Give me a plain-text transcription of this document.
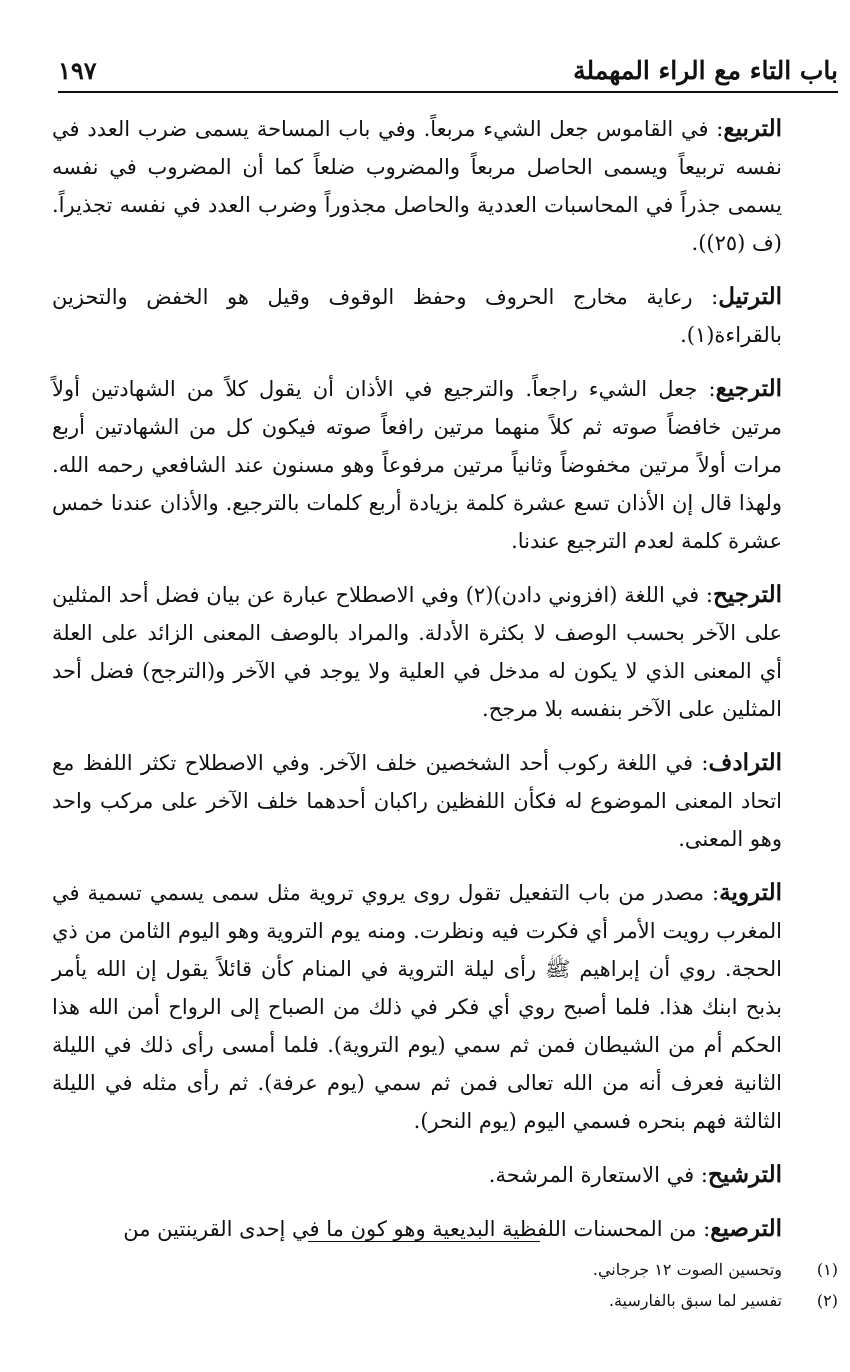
باب التاء مع الراء المهملة
١٩٧

التربيع: في القاموس جعل الشيء مربعاً. وفي باب المساحة يسمى ضرب العدد في نفسه تربيعاً ويسمى الحاصل مربعاً والمضروب ضلعاً كما أن المضروب في نفسه يسمى جذراً في المحاسبات العددية والحاصل مجذوراً وضرب العدد في نفسه تجذيراً. (ف (٢٥)).

الترتيل: رعاية مخارج الحروف وحفظ الوقوف وقيل هو الخفض والتحزين بالقراءة(١).

الترجيع: جعل الشيء راجعاً. والترجيع في الأذان أن يقول كلاً من الشهادتين أولاً مرتين خافضاً صوته ثم كلاً منهما مرتين رافعاً صوته فيكون كل من الشهادتين أربع مرات أولاً مرتين مخفوضاً وثانياً مرتين مرفوعاً وهو مسنون عند الشافعي رحمه الله. ولهذا قال إن الأذان تسع عشرة كلمة بزيادة أربع كلمات بالترجيع. والأذان عندنا خمس عشرة كلمة لعدم الترجيع عندنا.

الترجيح: في اللغة (افزوني دادن)(٢) وفي الاصطلاح عبارة عن بيان فضل أحد المثلين على الآخر بحسب الوصف لا بكثرة الأدلة. والمراد بالوصف المعنى الزائد على العلة أي المعنى الذي لا يكون له مدخل في العلية ولا يوجد في الآخر و(الترجح) فضل أحد المثلين على الآخر بنفسه بلا مرجح.

الترادف: في اللغة ركوب أحد الشخصين خلف الآخر. وفي الاصطلاح تكثر اللفظ مع اتحاد المعنى الموضوع له فكأن اللفظين راكبان أحدهما خلف الآخر على مركب واحد وهو المعنى.

التروية: مصدر من باب التفعيل تقول روى يروي تروية مثل سمى يسمي تسمية في المغرب رويت الأمر أي فكرت فيه ونظرت. ومنه يوم التروية وهو اليوم الثامن من ذي الحجة. روي أن إبراهيم ﷺ رأى ليلة التروية في المنام كأن قائلاً يقول إن الله يأمر بذبح ابنك هذا. فلما أصبح روي أي فكر في ذلك من الصباح إلى الرواح أمن الله هذا الحكم أم من الشيطان فمن ثم سمي (يوم التروية). فلما أمسى رأى ذلك في الليلة الثانية فعرف أنه من الله تعالى فمن ثم سمي (يوم عرفة). ثم رأى مثله في الليلة الثالثة فهم بنحره فسمي اليوم (يوم النحر).

الترشيح: في الاستعارة المرشحة.

الترصيع: من المحسنات اللفظية البديعية وهو كون ما في إحدى القرينتين من

(١)
وتحسين الصوت ١٢ جرجاني.
(٢)
تفسير لما سبق بالفارسية.
